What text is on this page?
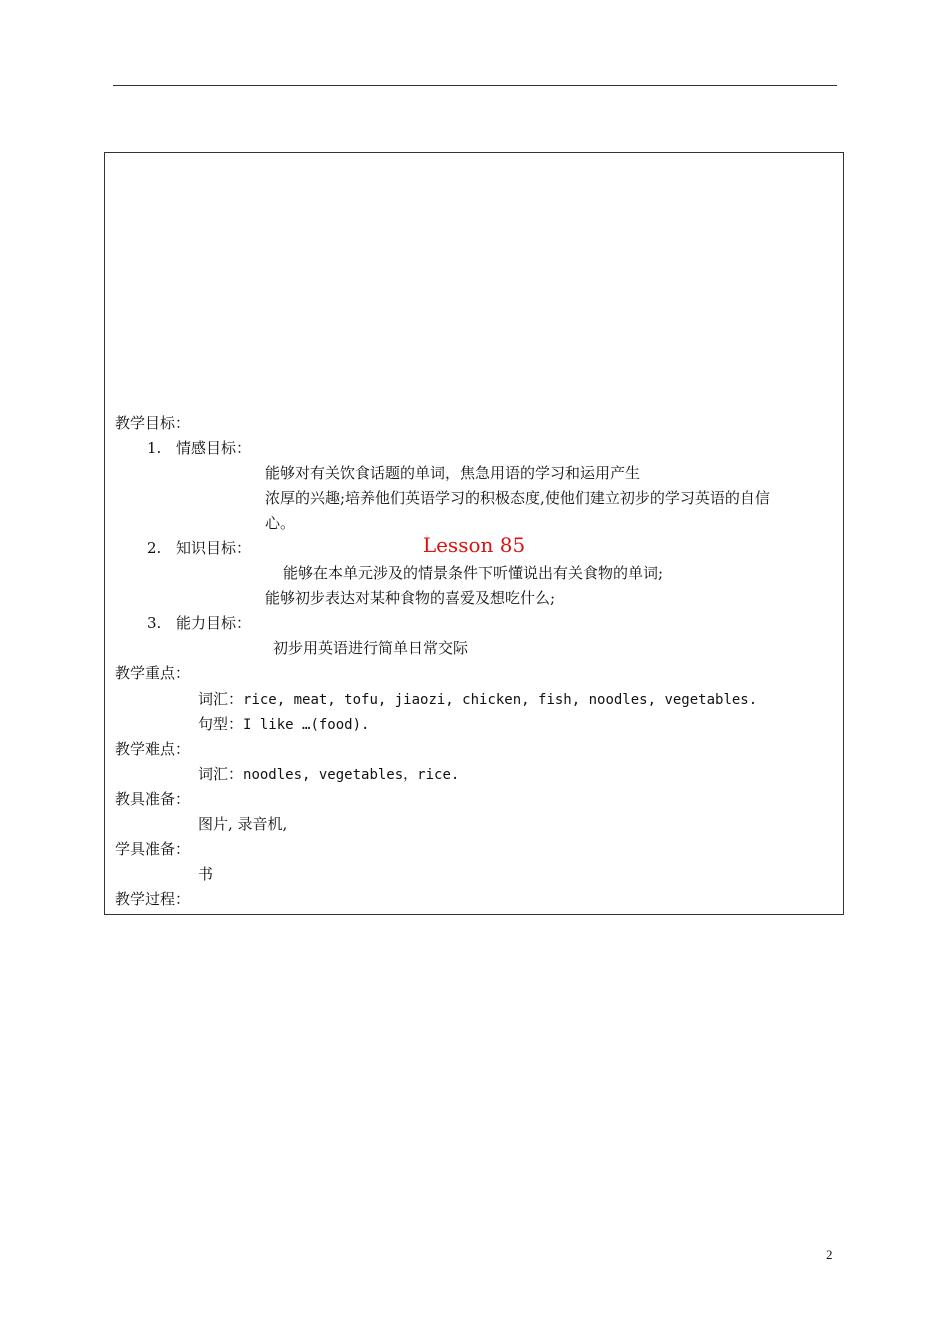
Lesson 85
教学目标：
1. 情感目标：
能够对有关饮食话题的单词，焦急用语的学习和运用产生
浓厚的兴趣;培养他们英语学习的积极态度,使他们建立初步的学习英语的自信
心。
2. 知识目标：
能够在本单元涉及的情景条件下听懂说出有关食物的单词;
能够初步表达对某种食物的喜爱及想吃什么;
3. 能力目标：
初步用英语进行简单日常交际
教学重点：
词汇：rice, meat, tofu, jiaozi, chicken, fish, noodles, vegetables.
句型：I like …(food).
教学难点：
词汇：noodles, vegetables，rice.
教具准备：
图片, 录音机,
学具准备：
书
教学过程：
2
